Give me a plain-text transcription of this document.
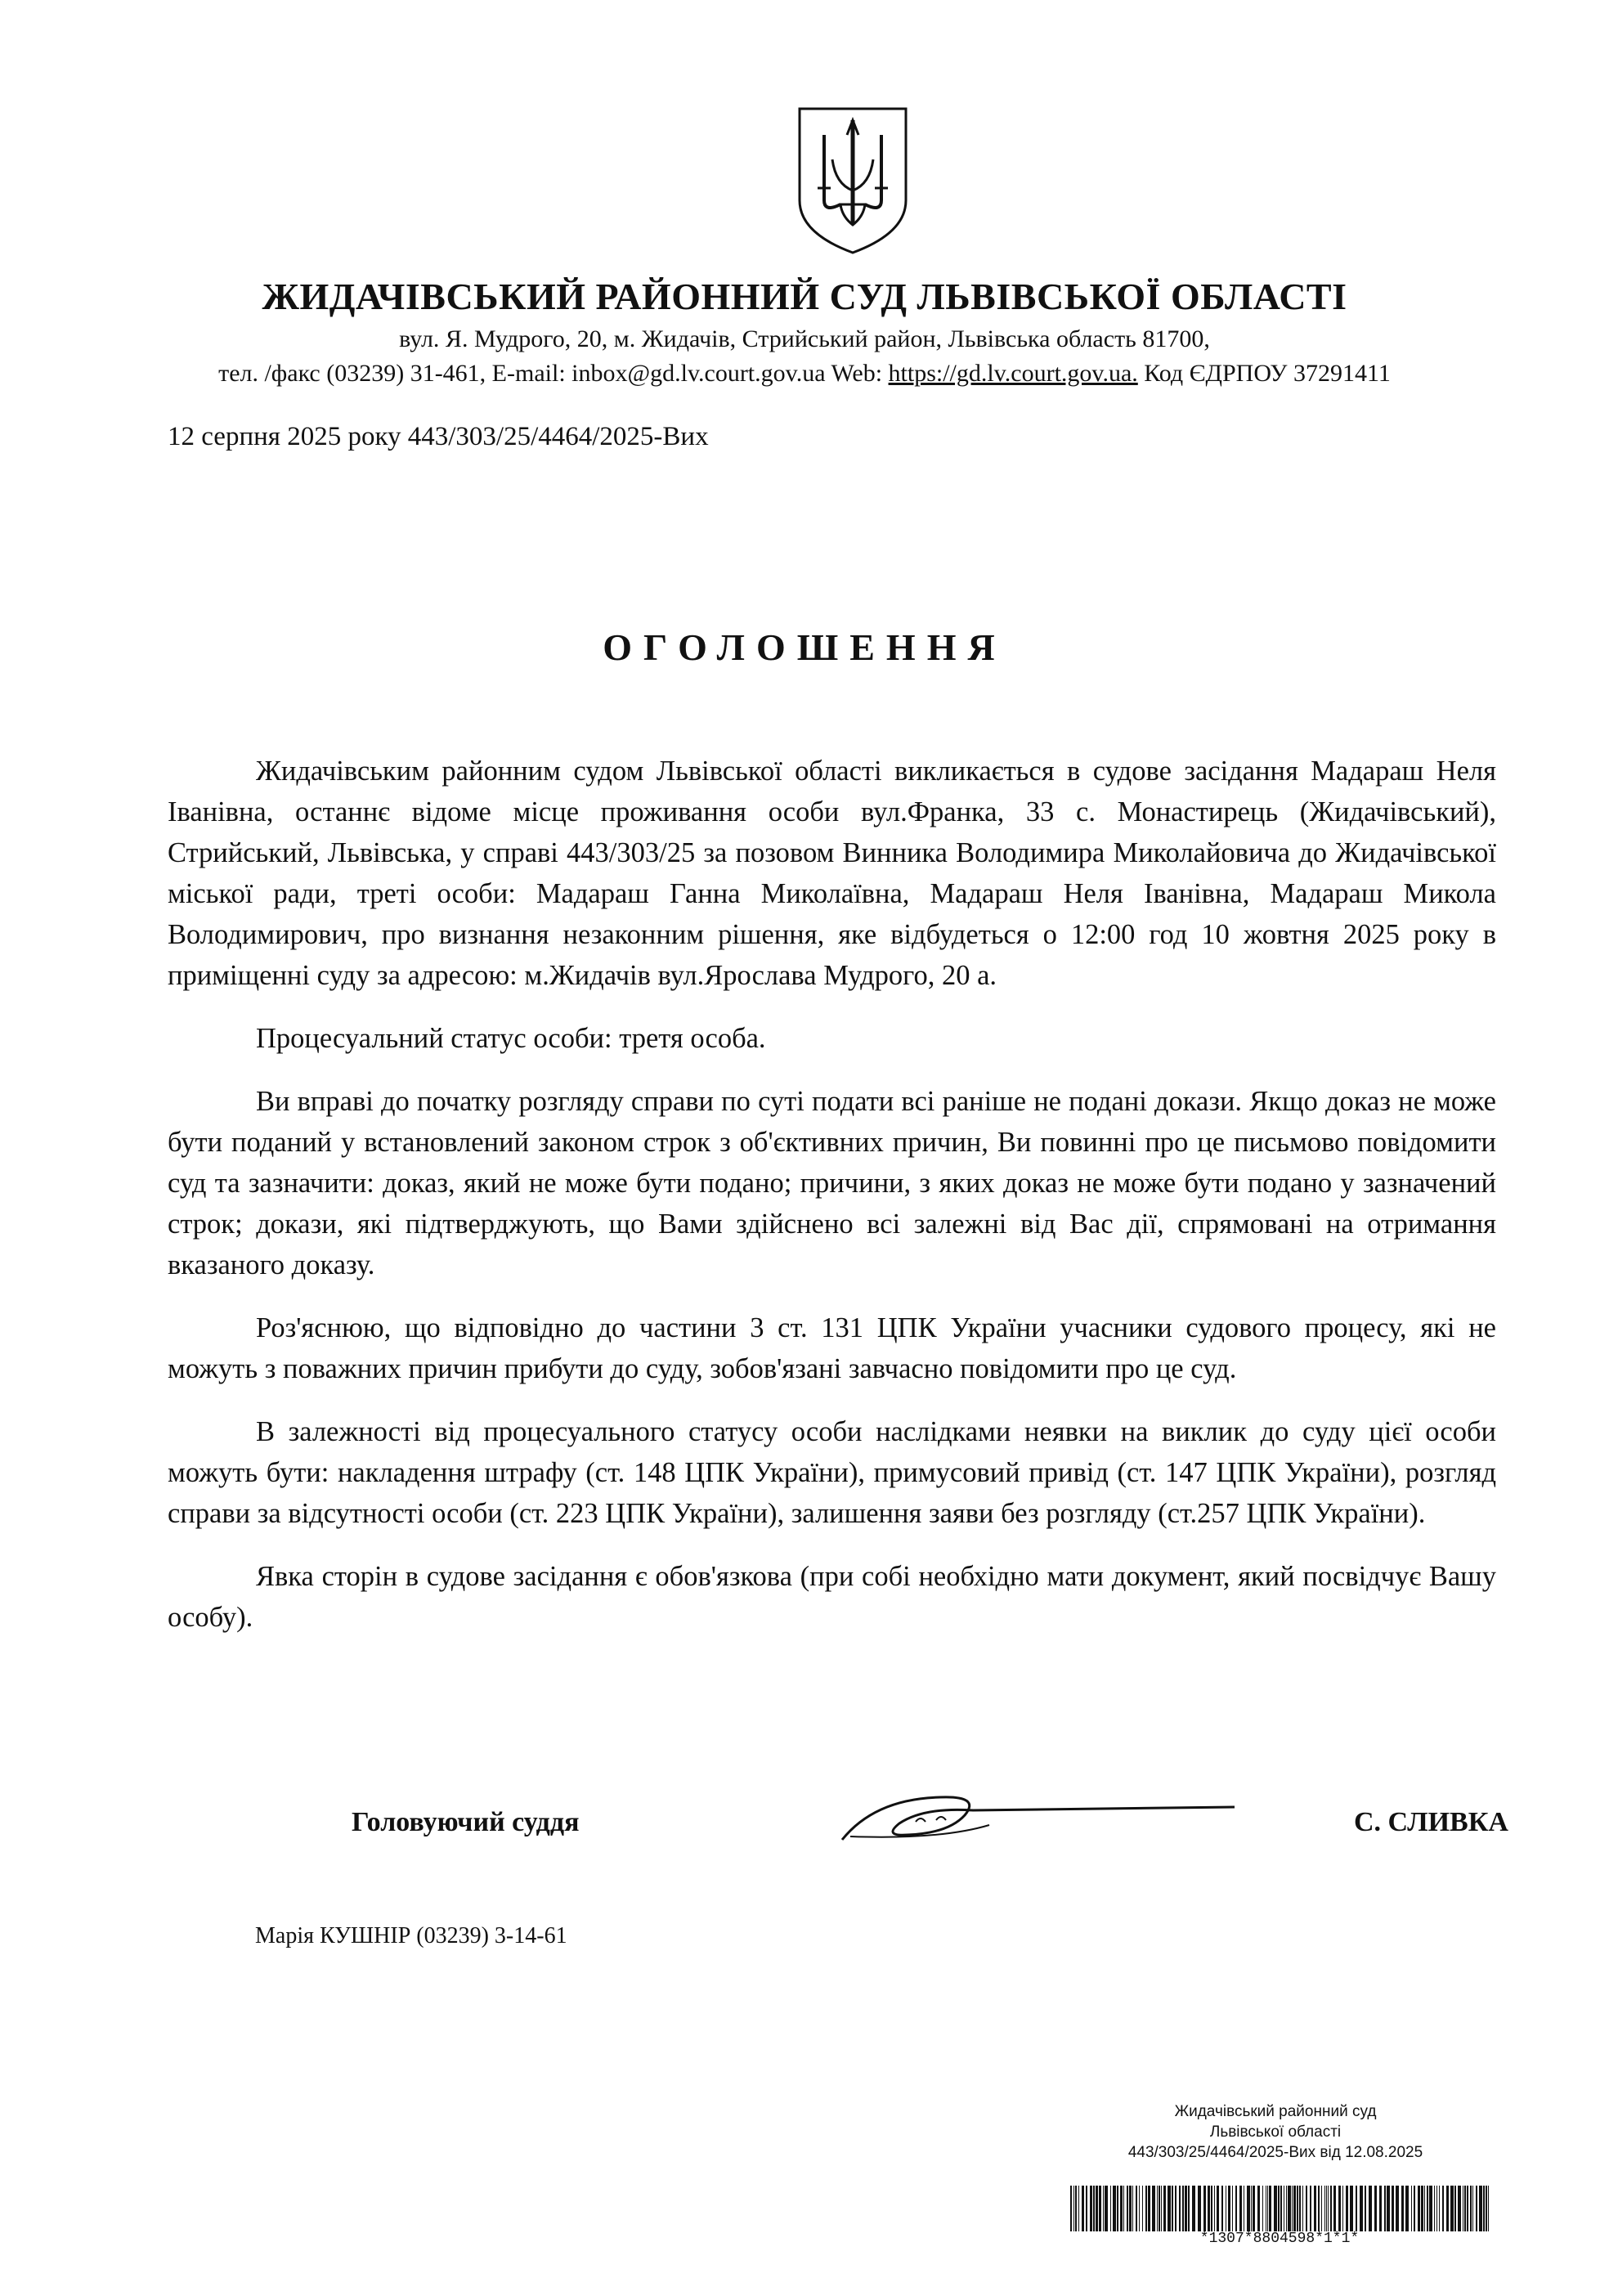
ЖИДАЧІВСЬКИЙ РАЙОННИЙ СУД ЛЬВІВСЬКОЇ ОБЛАСТІ
вул. Я. Мудрого, 20, м. Жидачів, Стрийський район, Львівська область 81700,
тел. /факс (03239) 31-461, E-mail: inbox@gd.lv.court.gov.ua Web: https://gd.lv.court.gov.ua. Код ЄДРПОУ 37291411
12 серпня 2025 року 443/303/25/4464/2025-Вих
ОГОЛОШЕННЯ

Жидачівським районним судом Львівської області викликається в судове засідання Мадараш Неля Іванівна, останнє відоме місце проживання особи вул.Франка, 33 с. Монастирець (Жидачівський), Стрийський, Львівська, у справі 443/303/25 за позовом Винника Володимира Миколайовича до Жидачівської міської ради, треті особи: Мадараш Ганна Миколаївна, Мадараш Неля Іванівна, Мадараш Микола Володимирович, про визнання незаконним рішення, яке відбудеться о 12:00 год 10 жовтня 2025 року в приміщенні суду за адресою: м.Жидачів вул.Ярослава Мудрого, 20 а.

Процесуальний статус особи: третя особа.

Ви вправі до початку розгляду справи по суті подати всі раніше не подані докази. Якщо доказ не може бути поданий у встановлений законом строк з об'єктивних причин, Ви повинні про це письмово повідомити суд та зазначити: доказ, який не може бути подано; причини, з яких доказ не може бути подано у зазначений строк; докази, які підтверджують, що Вами здійснено всі залежні від Вас дії, спрямовані на отримання вказаного доказу.

Роз'яснюю, що відповідно до частини 3 ст. 131 ЦПК України учасники судового процесу, які не можуть з поважних причин прибути до суду, зобов'язані завчасно повідомити про це суд.

В залежності від процесуального статусу особи наслідками неявки на виклик до суду цієї особи можуть бути: накладення штрафу (ст. 148 ЦПК України), примусовий привід (ст. 147 ЦПК України), розгляд справи за відсутності особи (ст. 223 ЦПК України), залишення заяви без розгляду (ст.257 ЦПК України).

Явка сторін в судове засідання є обов'язкова (при собі необхідно мати документ, який посвідчує Вашу особу).

Головуючий суддя	С. СЛИВКА
Марія КУШНІР (03239) 3-14-61
Жидачівський районний суд
Львівської області
443/303/25/4464/2025-Вих від 12.08.2025
*1307*8804598*1*1*
